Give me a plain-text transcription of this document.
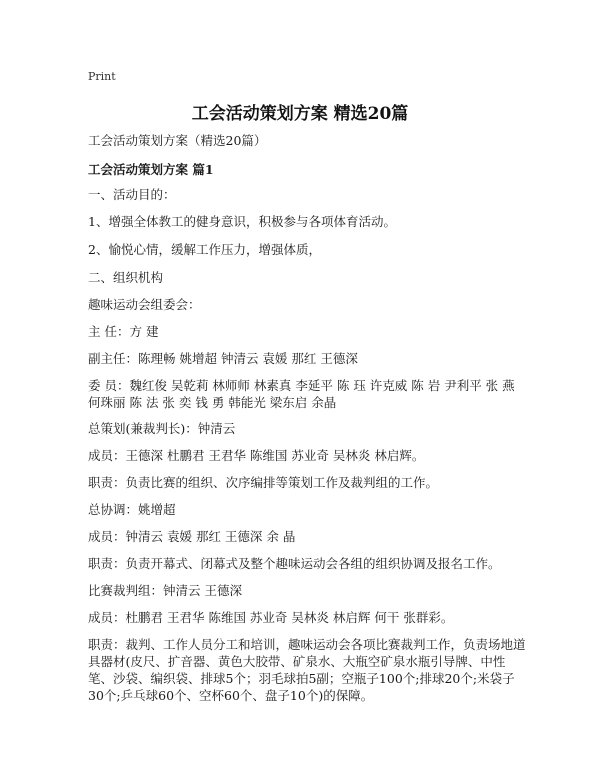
Print
工会活动策划方案 精选20篇
工会活动策划方案（精选20篇）
工会活动策划方案 篇1
一、活动目的：
1、增强全体教工的健身意识，积极参与各项体育活动。
2、愉悦心情，缓解工作压力，增强体质，
二、组织机构
趣味运动会组委会：
主 任：方 建
副主任：陈理畅 姚增超 钟清云 袁媛 那红 王德深
委 员：魏红俊 吴乾莉 林师师 林素真 李延平 陈 珏 许克威 陈 岩 尹利平 张 燕 何珠丽 陈 法 张 奕 钱 勇 韩能光 梁东启 余晶
总策划(兼裁判长)：钟清云
成员：王德深 杜鹏君 王君华 陈维国 苏业奇 吴林炎 林启辉。
职责：负责比赛的组织、次序编排等策划工作及裁判组的工作。
总协调：姚增超
成员：钟清云 袁媛 那红 王德深 余 晶
职责：负责开幕式、闭幕式及整个趣味运动会各组的组织协调及报名工作。
比赛裁判组：钟清云 王德深
成员：杜鹏君 王君华 陈维国 苏业奇 吴林炎 林启辉 何干 张群彩。
职责：裁判、工作人员分工和培训，趣味运动会各项比赛裁判工作，负责场地道具器材(皮尺、扩音器、黄色大胶带、矿泉水、大瓶空矿泉水瓶引导牌、中性笔、沙袋、编织袋、排球5个；羽毛球拍5副；空瓶子100个;排球20个;米袋子30个;乒乓球60个、空杯60个、盘子10个)的保障。
